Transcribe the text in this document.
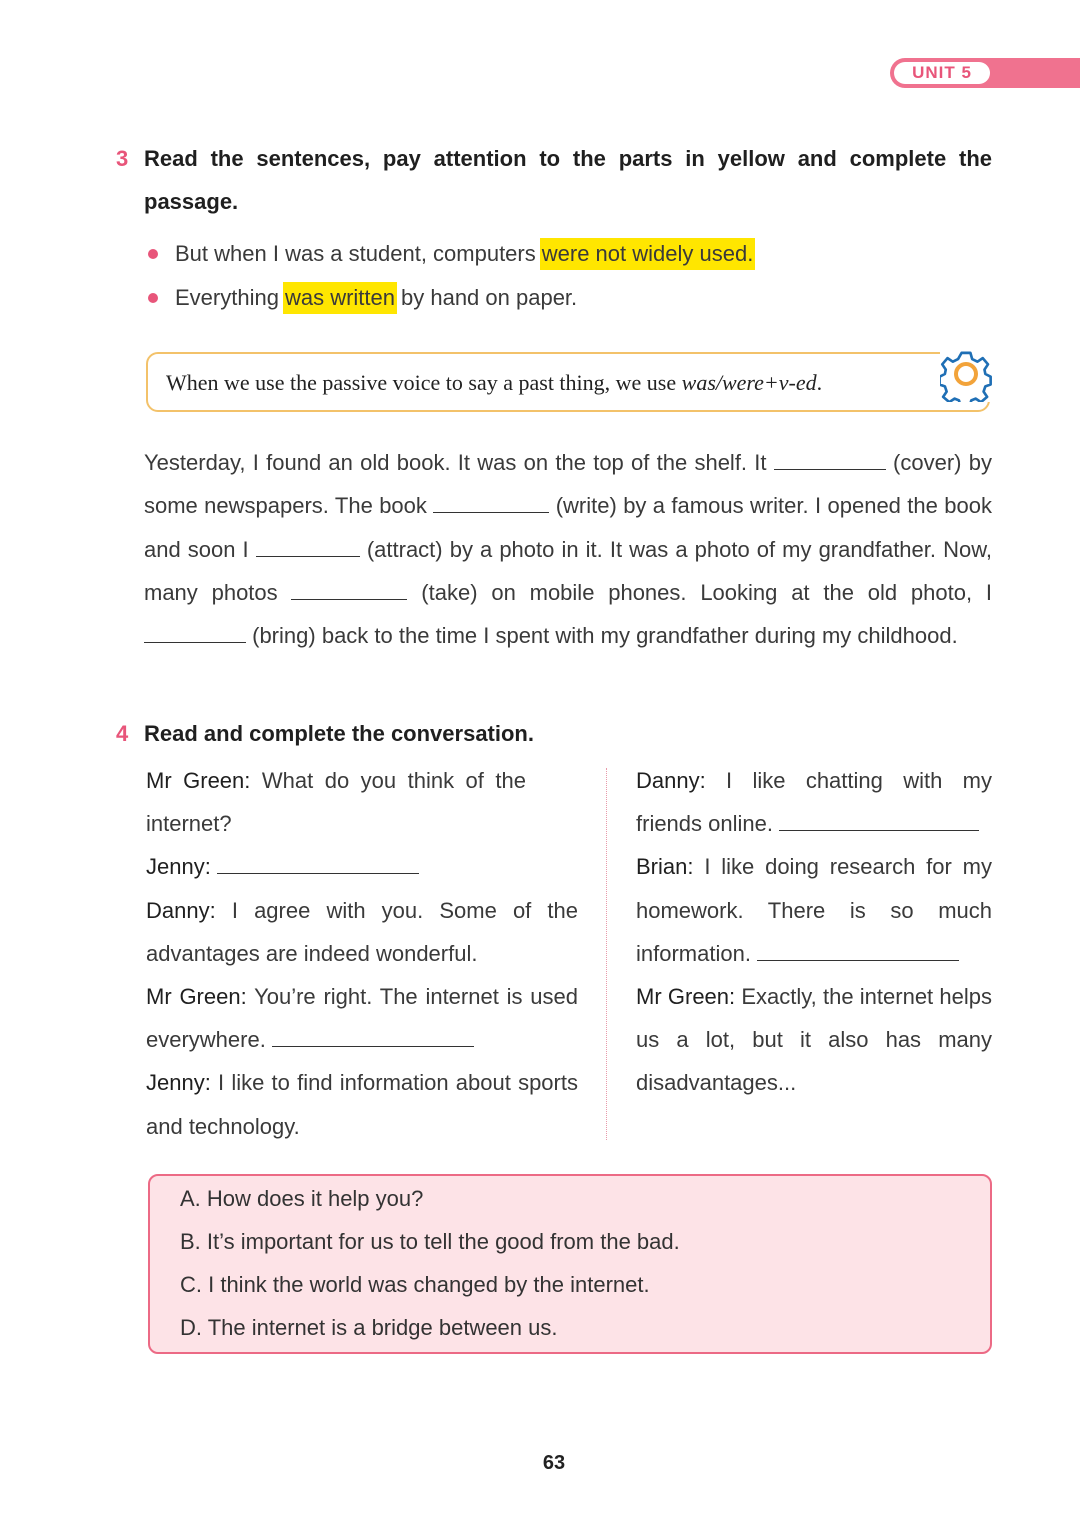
UNIT 5
3 Read the sentences, pay attention to the parts in yellow and complete the
passage.
But when I was a student, computers were not widely used.
Everything was written by hand on paper.
When we use the passive voice to say a past thing, we use was/were+v-ed.
Yesterday, I found an old book. It was on the top of the shelf. It	(cover) by some newspapers. The book	(write) by a famous writer. I opened the book and soon I	(attract) by a photo in it. It was a photo of my grandfather. Now, many photos	(take) on mobile phones. Looking at the old photo, I  (bring) back to the time I spent with my grandfather during my childhood.
4 Read and complete the conversation.
Mr Green: What do you think of the internet?
Jenny:
Danny: I agree with you. Some of the advantages are indeed wonderful.
Mr Green: You’re right. The internet is used everywhere.
Jenny: I like to find information about sports and technology.
Danny: I like chatting with my friends online.
Brian: I like doing research for my homework. There is so much information.
Mr Green: Exactly, the internet helps us a lot, but it also has many disadvantages...
A. How does it help you?
B. It’s important for us to tell the good from the bad.
C. I think the world was changed by the internet.
D. The internet is a bridge between us.
63
